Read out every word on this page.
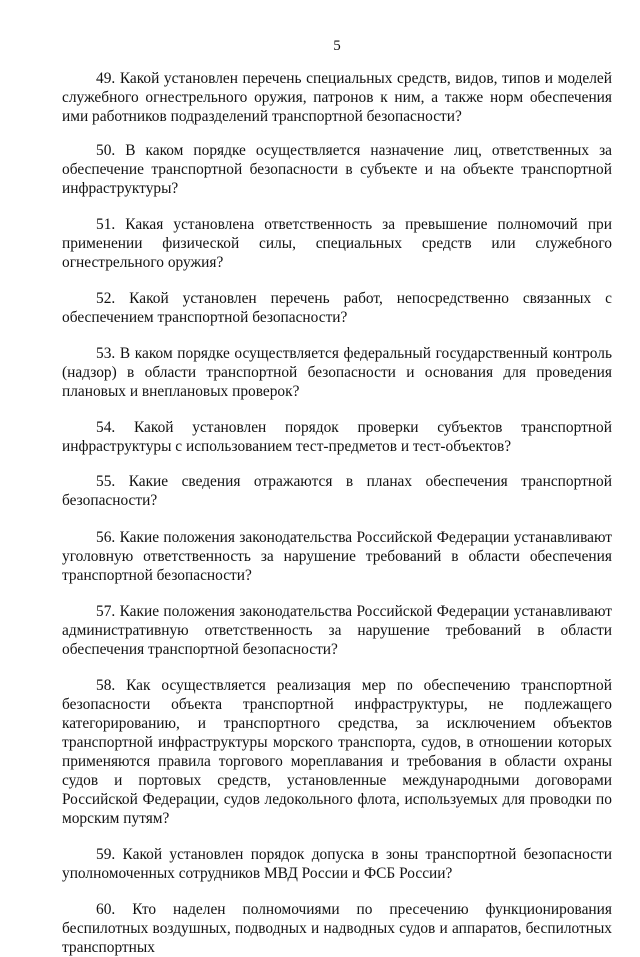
5

49. Какой установлен перечень специальных средств, видов, типов и моделей служебного огнестрельного оружия, патронов к ним, а также норм обеспечения ими работников подразделений транспортной безопасности?

50. В каком порядке осуществляется назначение лиц, ответственных за обеспечение транспортной безопасности в субъекте и на объекте транспортной инфраструктуры?

51. Какая установлена ответственность за превышение полномочий при применении физической силы, специальных средств или служебного огнестрельного оружия?

52. Какой установлен перечень работ, непосредственно связанных с обеспечением транспортной безопасности?

53. В каком порядке осуществляется федеральный государственный контроль (надзор) в области транспортной безопасности и основания для проведения плановых и внеплановых проверок?

54. Какой установлен порядок проверки субъектов транспортной инфраструктуры с использованием тест-предметов и тест-объектов?

55. Какие сведения отражаются в планах обеспечения транспортной безопасности?

56. Какие положения законодательства Российской Федерации устанавливают уголовную ответственность за нарушение требований в области обеспечения транспортной безопасности?

57. Какие положения законодательства Российской Федерации устанавливают административную ответственность за нарушение требований в области обеспечения транспортной безопасности?

58. Как осуществляется реализация мер по обеспечению транспортной безопасности объекта транспортной инфраструктуры, не подлежащего категорированию, и транспортного средства, за исключением объектов транспортной инфраструктуры морского транспорта, судов, в отношении которых применяются правила торгового мореплавания и требования в области охраны судов и портовых средств, установленные международными договорами Российской Федерации, судов ледокольного флота, используемых для проводки по морским путям?

59. Какой установлен порядок допуска в зоны транспортной безопасности уполномоченных сотрудников МВД России и ФСБ России?

60. Кто наделен полномочиями по пресечению функционирования беспилотных воздушных, подводных и надводных судов и аппаратов, беспилотных транспортных
